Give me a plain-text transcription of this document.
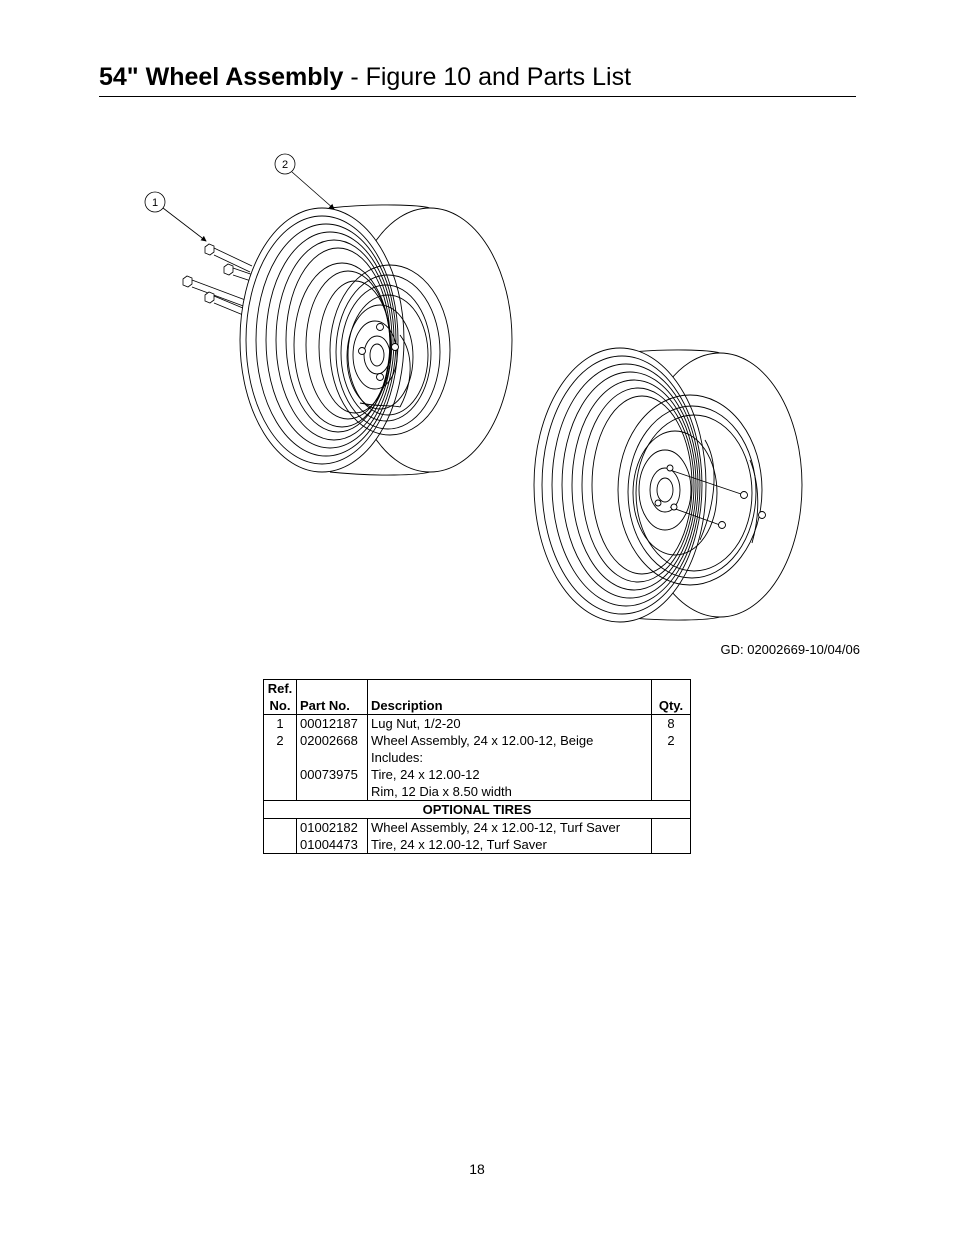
54" Wheel Assembly - Figure 10 and Parts List
2
1
GD: 02002669-10/04/06
Ref.
No.	Part No.	Description	Qty.
1	00012187	Lug Nut, 1/2-20	8
2	02002668	Wheel Assembly, 24 x 12.00-12, Beige	2
		Includes:	
	00073975	Tire, 24 x 12.00-12	
		Rim, 12 Dia x 8.50 width	
OPTIONAL TIRES			
	01002182	Wheel Assembly, 24 x 12.00-12, Turf Saver	
	01004473	Tire, 24 x 12.00-12, Turf Saver	
18
